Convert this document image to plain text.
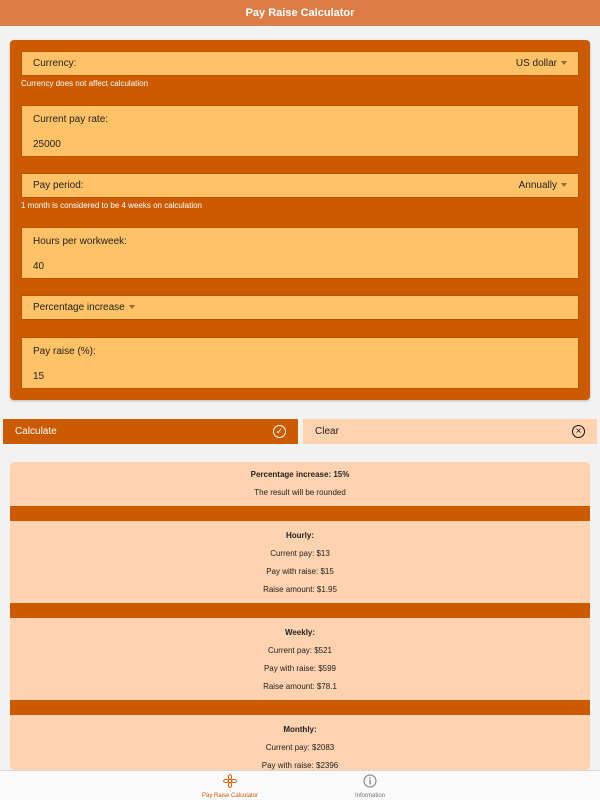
Pay Raise Calculator
Currency:	US dollar
Currency does not affect calculation
Current pay rate:
25000
Pay period:	Annually
1 month is considered to be 4 weeks on calculation
Hours per workweek:
40
Percentage increase
Pay raise (%):
15
Calculate	✓	Clear	×
Percentage increase: 15%
The result will be rounded
Hourly:
Current pay: $13
Pay with raise: $15
Raise amount: $1.95
Weekly:
Current pay: $521
Pay with raise: $599
Raise amount: $78.1
Monthly:
Current pay: $2083
Pay with raise: $2396
Pay Raise Calculator	Information
